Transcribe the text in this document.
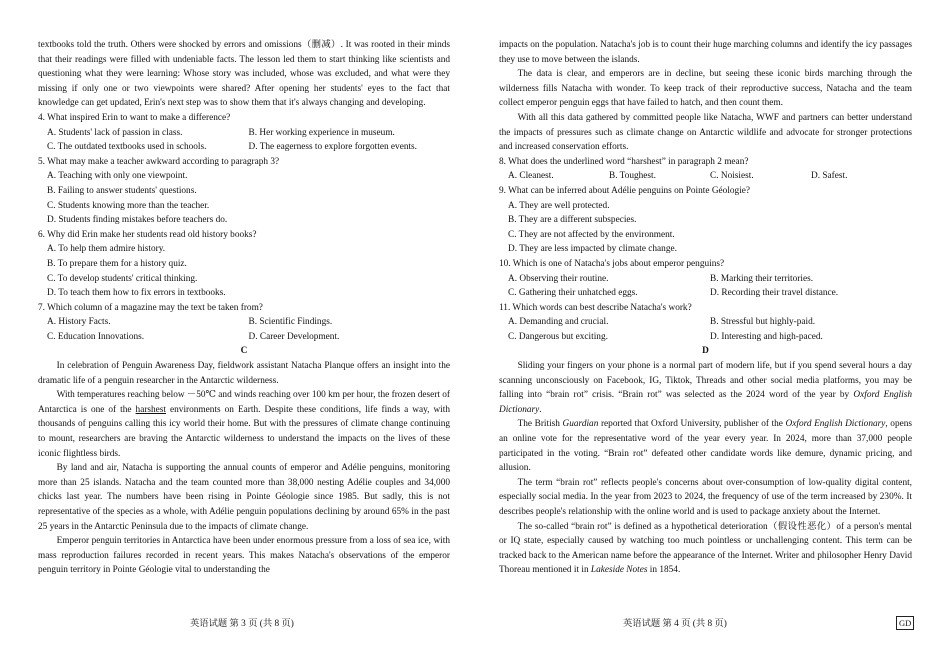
textbooks told the truth. Others were shocked by errors and omissions（删减）. It was rooted in their minds that their readings were filled with undeniable facts. The lesson led them to start thinking like scientists and questioning what they were learning: Whose story was included, whose was excluded, and what were they missing if only one or two viewpoints were shared? After opening her students' eyes to the fact that knowledge can get updated, Erin's next step was to show them that it's always changing and developing.

4. What inspired Erin to want to make a difference?

A. Students' lack of passion in class.	B. Her working experience in museum.
C. The outdated textbooks used in schools.	D. The eagerness to explore forgotten events.

5. What may make a teacher awkward according to paragraph 3?

A. Teaching with only one viewpoint.

B. Failing to answer students' questions.

C. Students knowing more than the teacher.

D. Students finding mistakes before teachers do.

6. Why did Erin make her students read old history books?

A. To help them admire history.

B. To prepare them for a history quiz.

C. To develop students' critical thinking.

D. To teach them how to fix errors in textbooks.

7. Which column of a magazine may the text be taken from?

A. History Facts.	B. Scientific Findings.
C. Education Innovations.	D. Career Development.

C

In celebration of Penguin Awareness Day, fieldwork assistant Natacha Planque offers an insight into the dramatic life of a penguin researcher in the Antarctic wilderness.

With temperatures reaching below －50℃ and winds reaching over 100 km per hour, the frozen desert of Antarctica is one of the harshest environments on Earth. Despite these conditions, life finds a way, with thousands of penguins calling this icy world their home. But with the pressures of climate change continuing to mount, researchers are braving the Antarctic wilderness to understand the impacts on the lives of these iconic flightless birds.

By land and air, Natacha is supporting the annual counts of emperor and Adélie penguins, monitoring more than 25 islands. Natacha and the team counted more than 38,000 nesting Adélie couples and 34,000 chicks last year. The numbers have been rising in Pointe Géologie since 1985. But sadly, this is not representative of the species as a whole, with Adélie penguin populations declining by around 65% in the past 25 years in the Antarctic Peninsula due to the impacts of climate change.

Emperor penguin territories in Antarctica have been under enormous pressure from a loss of sea ice, with mass reproduction failures recorded in recent years. This makes Natacha's observations of the emperor penguin territory in Pointe Géologie vital to understanding the

impacts on the population. Natacha's job is to count their huge marching columns and identify the icy passages they use to move between the islands.

The data is clear, and emperors are in decline, but seeing these iconic birds marching through the wilderness fills Natacha with wonder. To keep track of their reproductive success, Natacha and the team collect emperor penguin eggs that have failed to hatch, and then count them.

With all this data gathered by committed people like Natacha, WWF and partners can better understand the impacts of pressures such as climate change on Antarctic wildlife and advocate for stronger protections and increased conservation efforts.

8. What does the underlined word “harshest” in paragraph 2 mean?

A. Cleanest.	B. Toughest.	C. Noisiest.	D. Safest.

9. What can be inferred about Adélie penguins on Pointe Géologie?

A. They are well protected.

B. They are a different subspecies.

C. They are not affected by the environment.

D. They are less impacted by climate change.

10. Which is one of Natacha's jobs about emperor penguins?

A. Observing their routine.	B. Marking their territories.
C. Gathering their unhatched eggs.	D. Recording their travel distance.

11. Which words can best describe Natacha's work?

A. Demanding and crucial.	B. Stressful but highly-paid.
C. Dangerous but exciting.	D. Interesting and high-paced.

D

Sliding your fingers on your phone is a normal part of modern life, but if you spend several hours a day scanning unconsciously on Facebook, IG, Tiktok, Threads and other social media platforms, you may be falling into “brain rot” crisis. “Brain rot” was selected as the 2024 word of the year by Oxford English Dictionary.

The British Guardian reported that Oxford University, publisher of the Oxford English Dictionary, opens an online vote for the representative word of the year every year. In 2024, more than 37,000 people participated in the voting. “Brain rot” defeated other candidate words like demure, dynamic pricing, and allusion.

The term “brain rot” reflects people's concerns about over-consumption of low-quality digital content, especially social media. In the year from 2023 to 2024, the frequency of use of the term increased by 230%. It describes people's relationship with the online world and is used to package anxiety about the Internet.

The so-called “brain rot” is defined as a hypothetical deterioration（假设性恶化）of a person's mental or IQ state, especially caused by watching too much pointless or unchallenging content. This term can be tracked back to the American name before the appearance of the Internet. Writer and philosopher Henry David Thoreau mentioned it in Lakeside Notes in 1854.

英语试题 第 3 页 (共 8 页)	英语试题 第 4 页 (共 8 页)	GD
